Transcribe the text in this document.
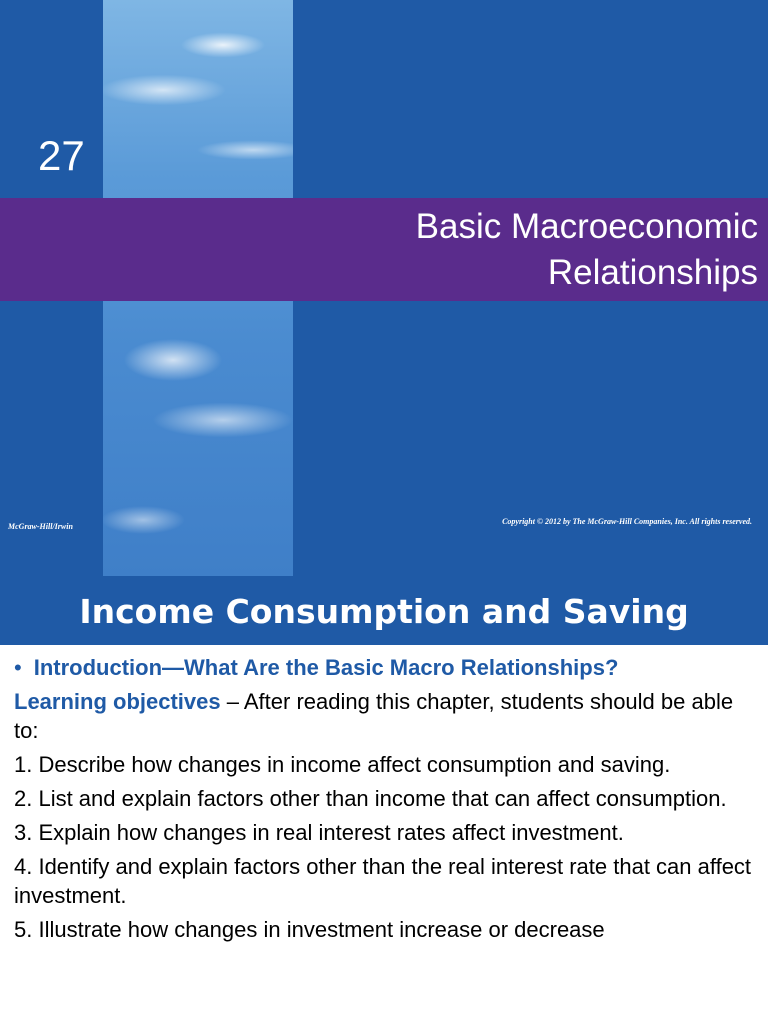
27
Basic Macroeconomic
Relationships
McGraw-Hill/Irwin
Copyright © 2012 by The McGraw-Hill Companies, Inc. All rights reserved.
Income Consumption and Saving

• Introduction—What Are the Basic Macro Relationships?

Learning objectives – After reading this chapter, students should be able to:

1. Describe how changes in income affect consumption and saving.

2. List and explain factors other than income that can affect consumption.

3. Explain how changes in real interest rates affect investment.

4. Identify and explain factors other than the real interest rate that can affect investment.

5. Illustrate how changes in investment increase or decrease
